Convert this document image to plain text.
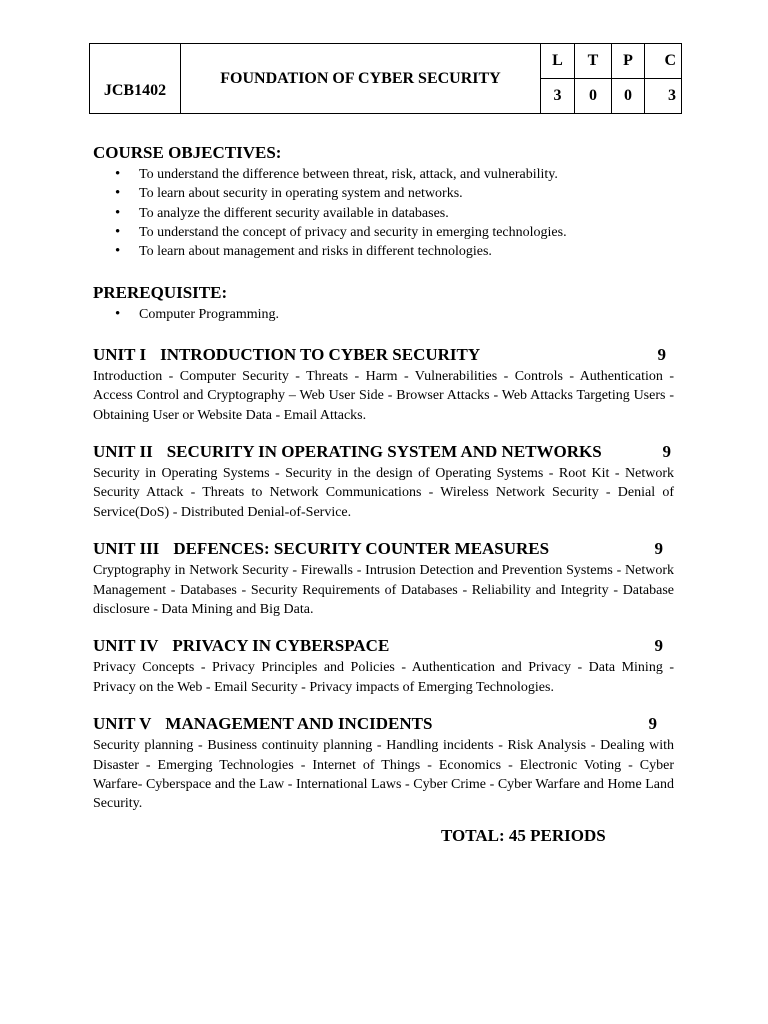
JCB1402	FOUNDATION OF CYBER SECURITY	L	T	P	C
		3	0	0	3

COURSE OBJECTIVES:

• To understand the difference between threat, risk, attack, and vulnerability.
• To learn about security in operating system and networks.
• To analyze the different security available in databases.
• To understand the concept of privacy and security in emerging technologies.
• To learn about management and risks in different technologies.

PREREQUISITE:

• Computer Programming.

UNIT I INTRODUCTION TO CYBER SECURITY	9

Introduction - Computer Security - Threats - Harm - Vulnerabilities - Controls - Authentication - Access Control and Cryptography – Web User Side - Browser Attacks - Web Attacks Targeting Users - Obtaining User or Website Data - Email Attacks.

UNIT II SECURITY IN OPERATING SYSTEM AND NETWORKS	9

Security in Operating Systems - Security in the design of Operating Systems - Root Kit - Network Security Attack - Threats to Network Communications - Wireless Network Security - Denial of Service(DoS) - Distributed Denial-of-Service.

UNIT III DEFENCES: SECURITY COUNTER MEASURES	9

Cryptography in Network Security - Firewalls - Intrusion Detection and Prevention Systems - Network Management - Databases - Security Requirements of Databases - Reliability and Integrity - Database disclosure - Data Mining and Big Data.

UNIT IV PRIVACY IN CYBERSPACE	9

Privacy Concepts - Privacy Principles and Policies - Authentication and Privacy - Data Mining -Privacy on the Web - Email Security - Privacy impacts of Emerging Technologies.

UNIT V MANAGEMENT AND INCIDENTS	9

Security planning - Business continuity planning - Handling incidents - Risk Analysis - Dealing with Disaster - Emerging Technologies - Internet of Things - Economics - Electronic Voting - Cyber Warfare- Cyberspace and the Law - International Laws - Cyber Crime - Cyber Warfare and Home Land Security.

TOTAL: 45 PERIODS
